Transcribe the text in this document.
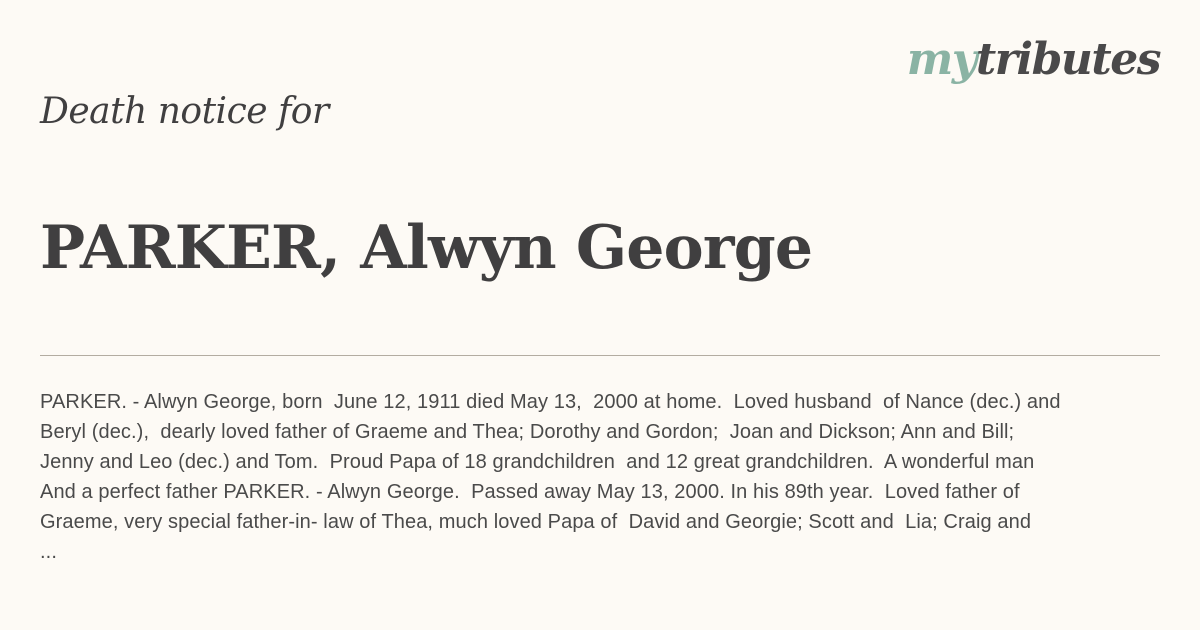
mytributes
Death notice for
PARKER, Alwyn George
PARKER. - Alwyn George, born  June 12, 1911 died May 13,  2000 at home.  Loved husband  of Nance (dec.) and
Beryl (dec.),  dearly loved father of Graeme and Thea; Dorothy and Gordon;  Joan and Dickson; Ann and Bill;
Jenny and Leo (dec.) and Tom.  Proud Papa of 18 grandchildren  and 12 great grandchildren.  A wonderful man
And a perfect father PARKER. - Alwyn George.  Passed away May 13, 2000. In his 89th year.  Loved father of
Graeme, very special father-in- law of Thea, much loved Papa of  David and Georgie; Scott and  Lia; Craig and
...
